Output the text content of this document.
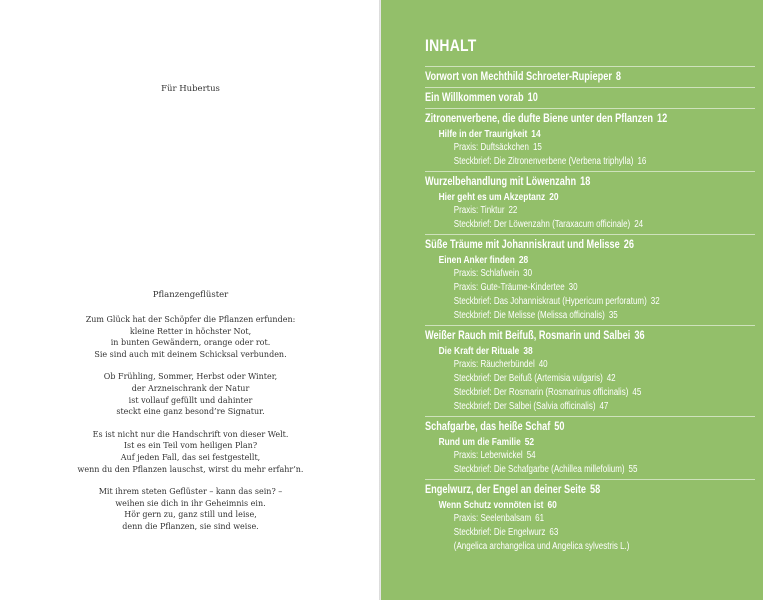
Für Hubertus
Pflanzengeflüster
Zum Glück hat der Schöpfer die Pflanzen erfunden:
kleine Retter in höchster Not,
in bunten Gewändern, orange oder rot.
Sie sind auch mit deinem Schicksal verbunden.
Ob Frühling, Sommer, Herbst oder Winter,
der Arzneischrank der Natur
ist vollauf gefüllt und dahinter
steckt eine ganz besond’re Signatur.
Es ist nicht nur die Handschrift von dieser Welt.
Ist es ein Teil vom heiligen Plan?
Auf jeden Fall, das sei festgestellt,
wenn du den Pflanzen lauschst, wirst du mehr erfahr’n.
Mit ihrem steten Geflüster – kann das sein? –
weihen sie dich in ihr Geheimnis ein.
Hör gern zu, ganz still und leise,
denn die Pflanzen, sie sind weise.
INHALT
Vorwort von Mechthild Schroeter-Rupieper 8
Ein Willkommen vorab 10
Zitronenverbene, die dufte Biene unter den Pflanzen 12
Hilfe in der Traurigkeit 14
Praxis: Duftsäckchen 15
Steckbrief: Die Zitronenverbene (Verbena triphylla) 16
Wurzelbehandlung mit Löwenzahn 18
Hier geht es um Akzeptanz 20
Praxis: Tinktur 22
Steckbrief: Der Löwenzahn (Taraxacum officinale) 24
Süße Träume mit Johanniskraut und Melisse 26
Einen Anker finden 28
Praxis: Schlafwein 30
Praxis: Gute-Träume-Kindertee 30
Steckbrief: Das Johanniskraut (Hypericum perforatum) 32
Steckbrief: Die Melisse (Melissa officinalis) 35
Weißer Rauch mit Beifuß, Rosmarin und Salbei 36
Die Kraft der Rituale 38
Praxis: Räucherbündel 40
Steckbrief: Der Beifuß (Artemisia vulgaris) 42
Steckbrief: Der Rosmarin (Rosmarinus officinalis) 45
Steckbrief: Der Salbei (Salvia officinalis) 47
Schafgarbe, das heiße Schaf 50
Rund um die Familie 52
Praxis: Leberwickel 54
Steckbrief: Die Schafgarbe (Achillea millefolium) 55
Engelwurz, der Engel an deiner Seite 58
Wenn Schutz vonnöten ist 60
Praxis: Seelenbalsam 61
Steckbrief: Die Engelwurz 63
(Angelica archangelica und Angelica sylvestris L.)
